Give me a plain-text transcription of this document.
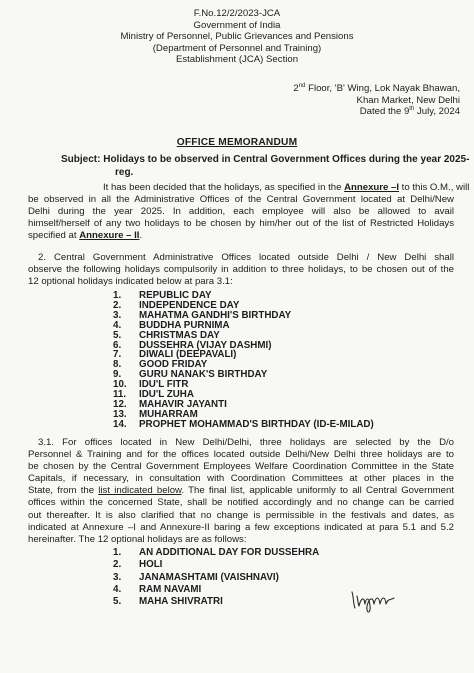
F.No.12/2/2023-JCA
Government of India
Ministry of Personnel, Public Grievances and Pensions
(Department of Personnel and Training)
Establishment (JCA) Section
2nd Floor, 'B' Wing, Lok Nayak Bhawan,
Khan Market, New Delhi
Dated the 9th July, 2024
OFFICE MEMORANDUM
Subject: Holidays to be observed in Central Government Offices during the year 2025-
reg.
It has been decided that the holidays, as specified in the Annexure –I to this O.M., will
be observed in all the Administrative Offices of the Central Government located at Delhi/New
Delhi during the year 2025. In addition, each employee will also be allowed to avail
himself/herself of any two holidays to be chosen by him/her out of the list of Restricted Holidays
specified at Annexure – II.
2. Central Government Administrative Offices located outside Delhi / New Delhi shall
observe the following holidays compulsorily in addition to three holidays, to be chosen out of the
12 optional holidays indicated below at para 3.1:
1. REPUBLIC DAY
2. INDEPENDENCE DAY
3. MAHATMA GANDHI'S BIRTHDAY
4. BUDDHA PURNIMA
5. CHRISTMAS DAY
6. DUSSEHRA (VIJAY DASHMI)
7. DIWALI (DEEPAVALI)
8. GOOD FRIDAY
9. GURU NANAK'S BIRTHDAY
10. IDU'L FITR
11. IDU'L ZUHA
12. MAHAVIR JAYANTI
13. MUHARRAM
14. PROPHET MOHAMMAD'S BIRTHDAY (ID-E-MILAD)
3.1. For offices located in New Delhi/Delhi, three holidays are selected by the D/o
Personnel & Training and for the offices located outside Delhi/New Delhi three holidays are to
be chosen by the Central Government Employees Welfare Coordination Committee in the State
Capitals, if necessary, in consultation with Coordination Committees at other places in the
State, from the list indicated below. The final list, applicable uniformly to all Central Government
offices within the concerned State, shall be notified accordingly and no change can be carried
out thereafter. It is also clarified that no change is permissible in the festivals and dates, as
indicated at Annexure –I and Annexure-II baring a few exceptions indicated at para 5.1 and 5.2
hereinafter. The 12 optional holidays are as follows:
1. AN ADDITIONAL DAY FOR DUSSEHRA
2. HOLI
3. JANAMASHTAMI (VAISHNAVI)
4. RAM NAVAMI
5. MAHA SHIVRATRI
